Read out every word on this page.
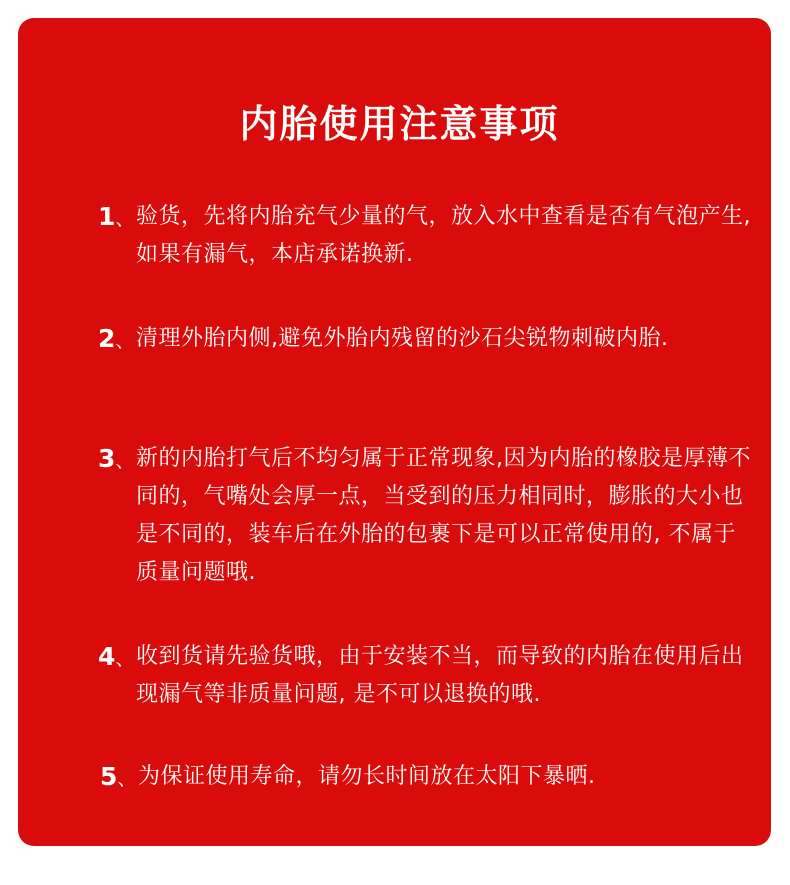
内胎使用注意事项
1、 验货，先将内胎充气少量的气，放入水中查看是否有气泡产生, 如果有漏气，本店承诺换新.
2、 清理外胎内侧,避免外胎内残留的沙石尖锐物刺破内胎.
3、 新的内胎打气后不均匀属于正常现象,因为内胎的橡胶是厚薄不同的，气嘴处会厚一点，当受到的压力相同时，膨胀的大小也是不同的，装车后在外胎的包裹下是可以正常使用的, 不属于质量问题哦.
4、 收到货请先验货哦，由于安装不当，而导致的内胎在使用后出现漏气等非质量问题, 是不可以退换的哦.
5、 为保证使用寿命，请勿长时间放在太阳下暴晒.
